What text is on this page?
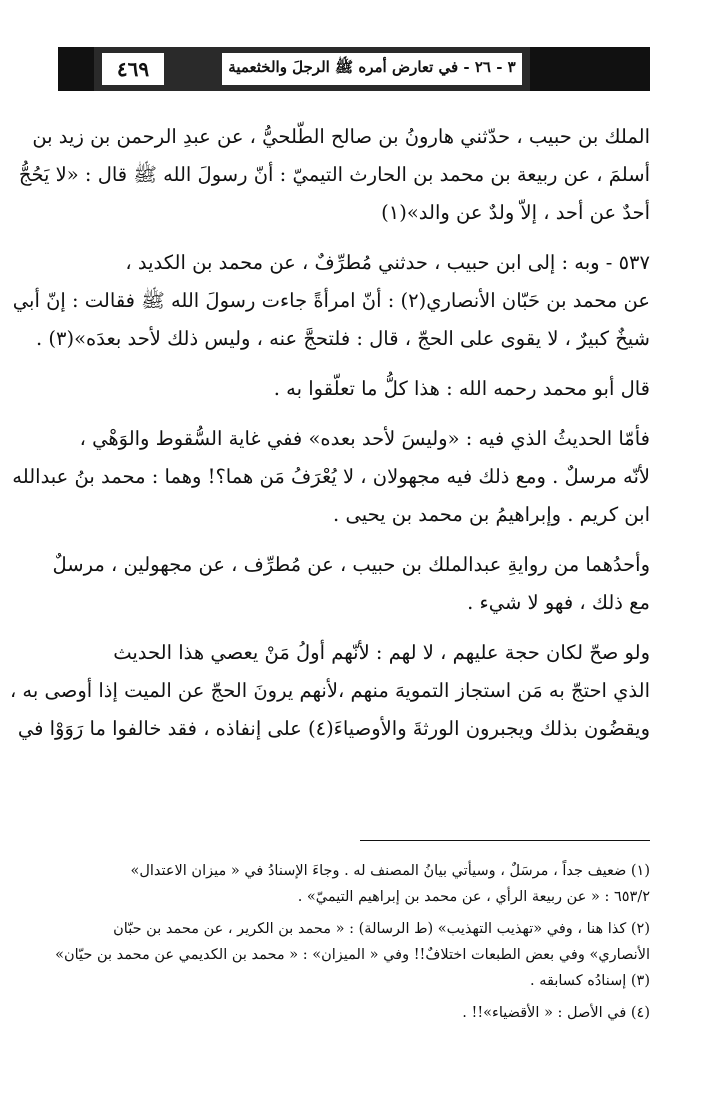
٤٦٩	٣ - ٢٦ - في تعارض أمره ﷺ الرجلَ والخثعمية
الملك بن حبيب ، حدّثني هارونُ بن صالح الطّلحيُّ ، عن عبدِ الرحمن بن زيد بن
أسلمَ ، عن ربيعة بن محمد بن الحارث التيميّ : أنّ رسولَ الله ﷺ قال : «لا يَحُجُّ
أحدٌ عن أحد ، إلاّ ولدٌ عن والد»(١)
٥٣٧ - وبه : إلى ابن حبيب ، حدثني مُطرِّفٌ ، عن محمد بن الكديد ،
عن محمد بن حَبّان الأنصاري(٢) : أنّ امرأةً جاءت رسولَ الله ﷺ فقالت : إنّ أبي
شيخٌ كبيرٌ ، لا يقوى على الحجّ ، قال : فلتحجَّ عنه ، وليس ذلك لأحد بعدَه»(٣) .
قال أبو محمد رحمه الله : هذا كلُّ ما تعلّقوا به .
فأمّا الحديثُ الذي فيه : «وليسَ لأحد بعده» ففي غاية السُّقوط والوَهْي ،
لأنّه مرسلٌ . ومع ذلك فيه مجهولان ، لا يُعْرَفُ مَن هما؟! وهما : محمد بنُ عبدالله
ابن كريم . وإبراهيمُ بن محمد بن يحيى .
وأحدُهما من روايةِ عبدالملك بن حبيب ، عن مُطرِّف ، عن مجهولين ، مرسلٌ
مع ذلك ، فهو لا شيء .
ولو صحّ لكان حجة عليهم ، لا لهم : لأنّهم أولُ مَنْ يعصي هذا الحديث
الذي احتجّ به مَن استجاز التمويهَ منهم ،لأنهم يرونَ الحجّ عن الميت إذا أوصى به ،
ويقضُون بذلك ويجبرون الورثةَ والأوصياءَ(٤) على إنفاذه ، فقد خالفوا ما رَوَوْا في
(١) ضعيف جداً ، مرسَلٌ ، وسيأتي بيانُ المصنف له . وجاءَ الإسنادُ في « ميزان الاعتدال»
٦٥٣/٢ : « عن ربيعة الرأي ، عن محمد بن إبراهيم التيميّ» .
(٢) كذا هنا ، وفي «تهذيب التهذيب» (ط الرسالة) : « محمد بن الكرير ، عن محمد بن حبّان
الأنصاري» وفي بعض الطبعات اختلافٌ!! وفي « الميزان» : « محمد بن الكديمي عن محمد بن حيّان»
(٣) إسنادُه كسابقه .
(٤) في الأصل : « الأقضياء»!! .
